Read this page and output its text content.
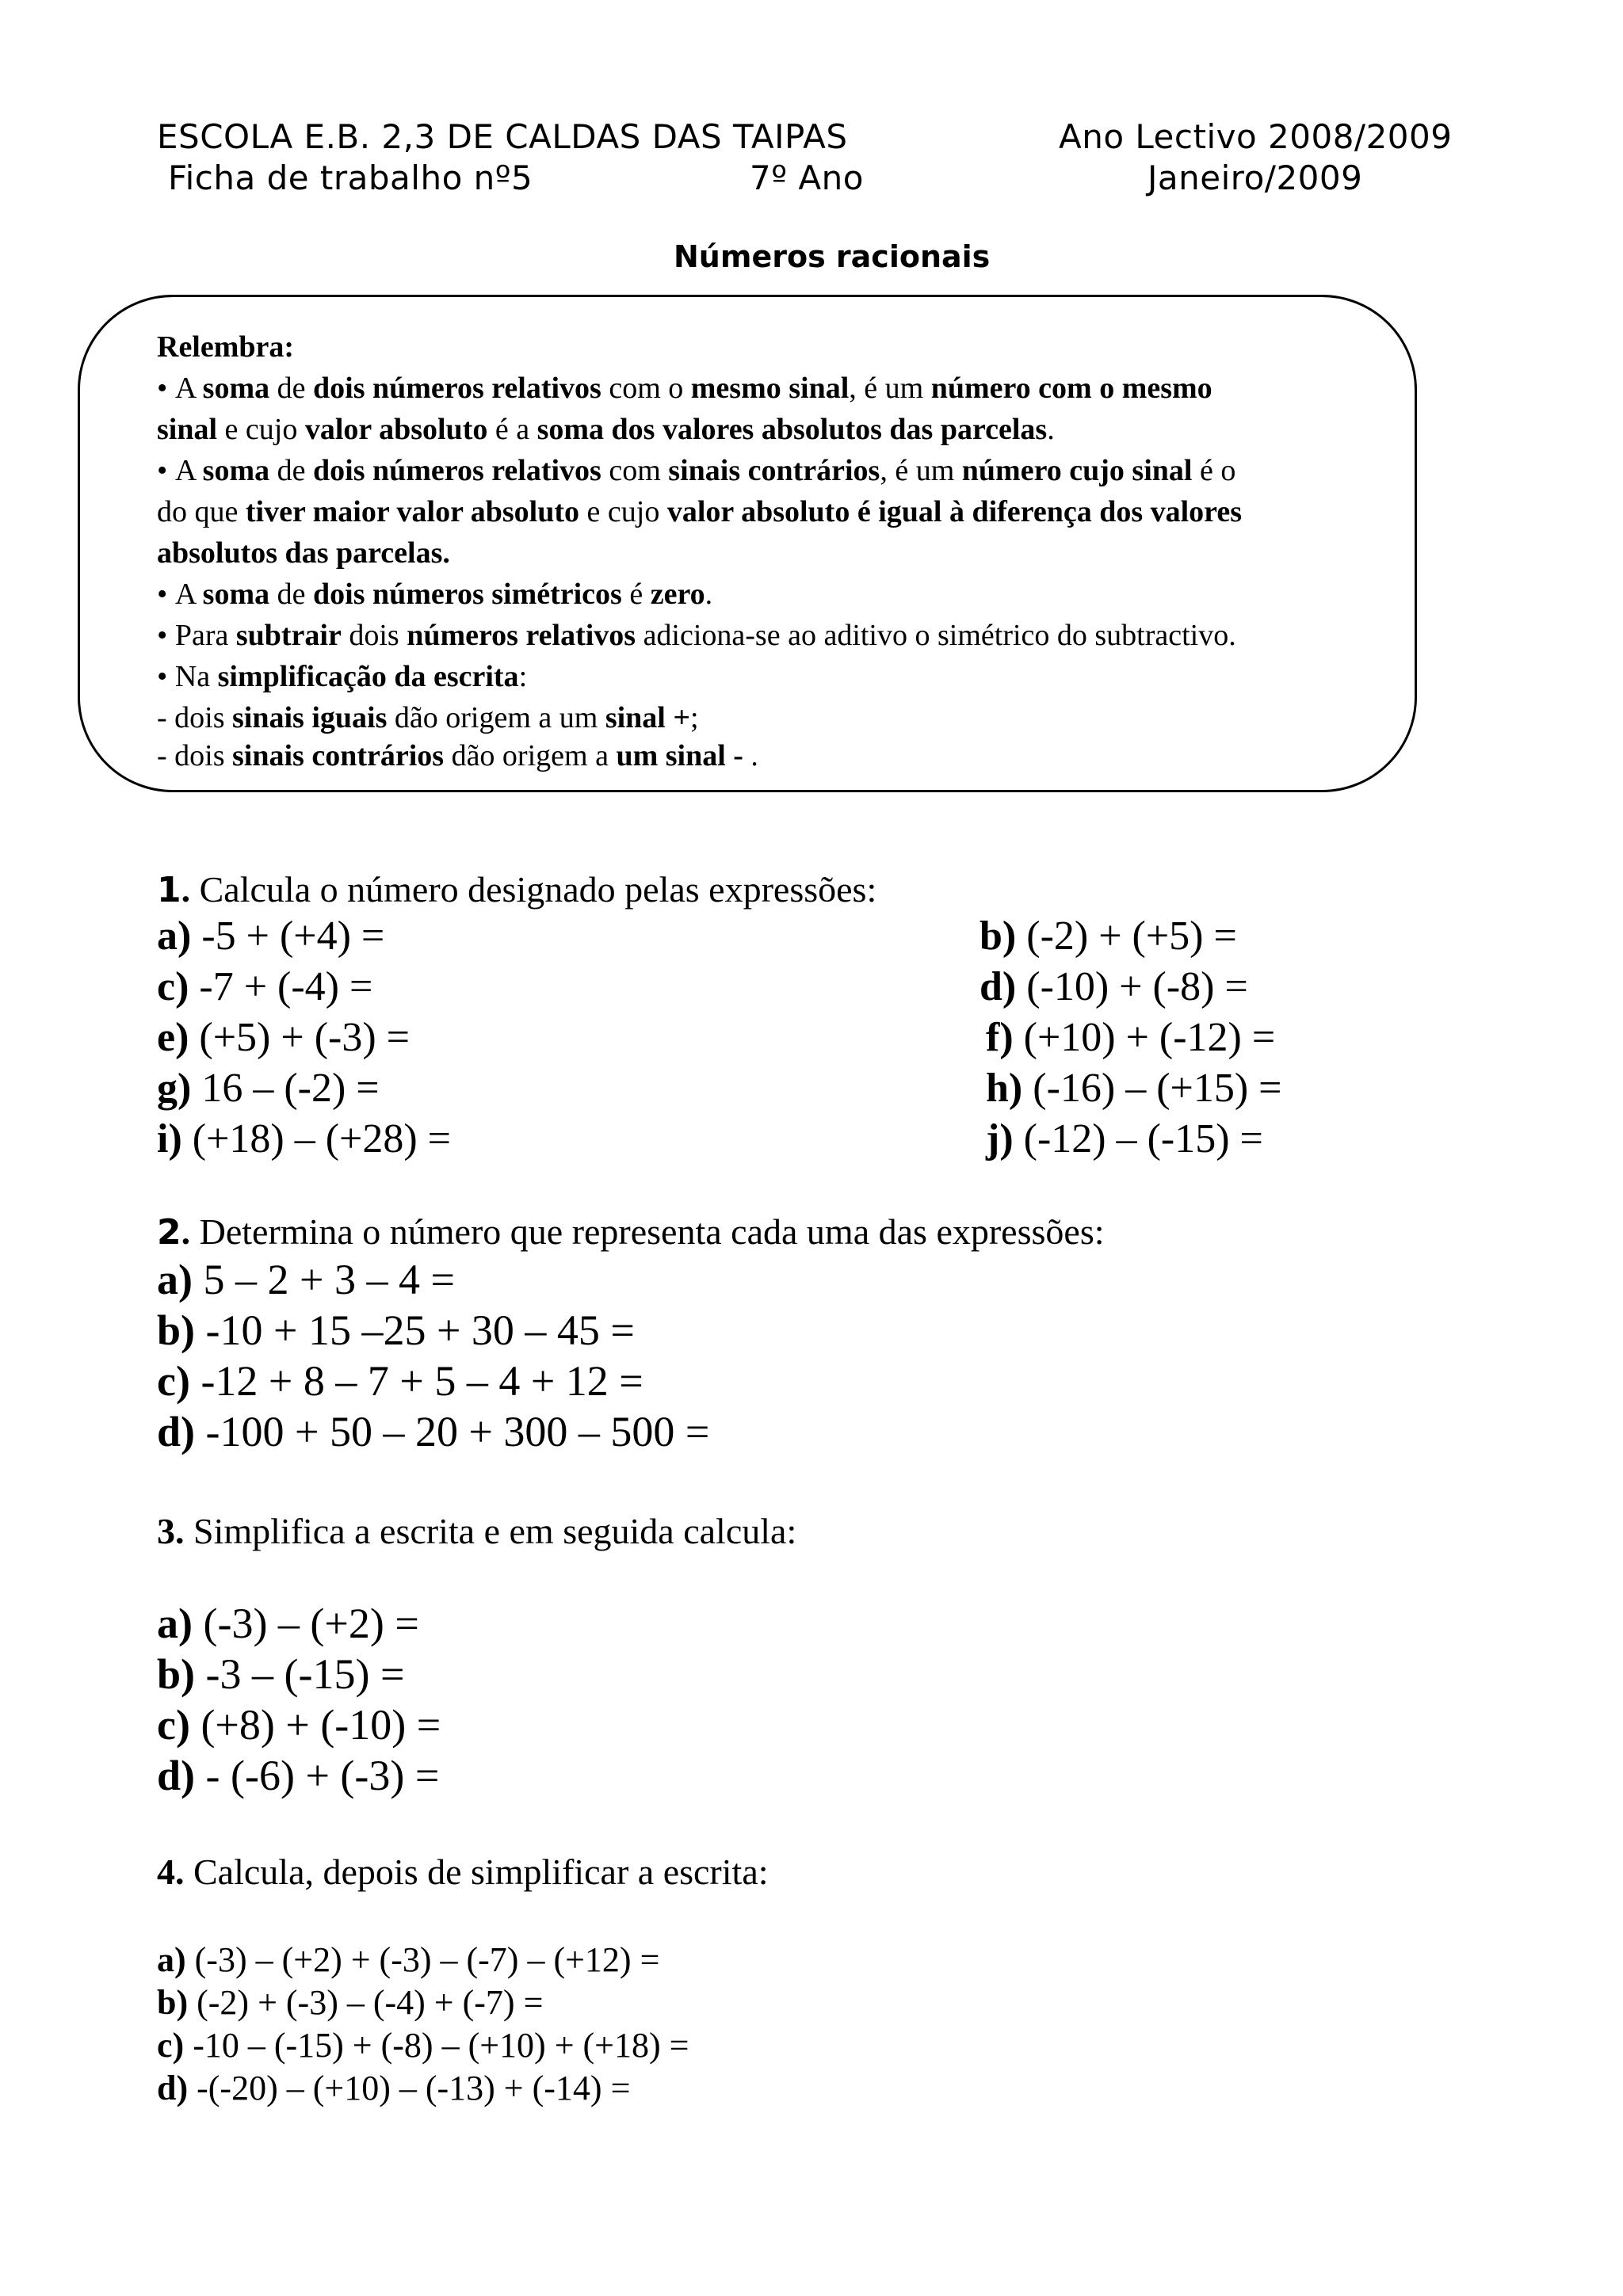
ESCOLA E.B. 2,3 DE CALDAS DAS TAIPAS	Ano Lectivo 2008/2009
Ficha de trabalho nº5	7º Ano	Janeiro/2009
Números racionais
Relembra:
• A soma de dois números relativos com o mesmo sinal, é um número com o mesmo
sinal e cujo valor absoluto é a soma dos valores absolutos das parcelas.
• A soma de dois números relativos com sinais contrários, é um número cujo sinal é o
do que tiver maior valor absoluto e cujo valor absoluto é igual à diferença dos valores
absolutos das parcelas.
• A soma de dois números simétricos é zero.
• Para subtrair dois números relativos adiciona-se ao aditivo o simétrico do subtractivo.
• Na simplificação da escrita:
- dois sinais iguais dão origem a um sinal +;
- dois sinais contrários dão origem a um sinal - .
1. Calcula o número designado pelas expressões:
a) -5 + (+4) =	b) (-2) + (+5) =
c) -7 + (-4) =	d) (-10) + (-8) =
e) (+5) + (-3) =	f) (+10) + (-12) =
g) 16 – (-2) =	h) (-16) – (+15) =
i) (+18) – (+28) =	j) (-12) – (-15) =
2. Determina o número que representa cada uma das expressões:
a) 5 – 2 + 3 – 4 =
b) -10 + 15 –25 + 30 – 45 =
c) -12 + 8 – 7 + 5 – 4 + 12 =
d) -100 + 50 – 20 + 300 – 500 =
3. Simplifica a escrita e em seguida calcula:
a) (-3) – (+2) =
b) -3 – (-15) =
c) (+8) + (-10) =
d) - (-6) + (-3) =
4. Calcula, depois de simplificar a escrita:
a) (-3) – (+2) + (-3) – (-7) – (+12) =
b) (-2) + (-3) – (-4) + (-7) =
c) -10 – (-15) + (-8) – (+10) + (+18) =
d) -(-20) – (+10) – (-13) + (-14) =
